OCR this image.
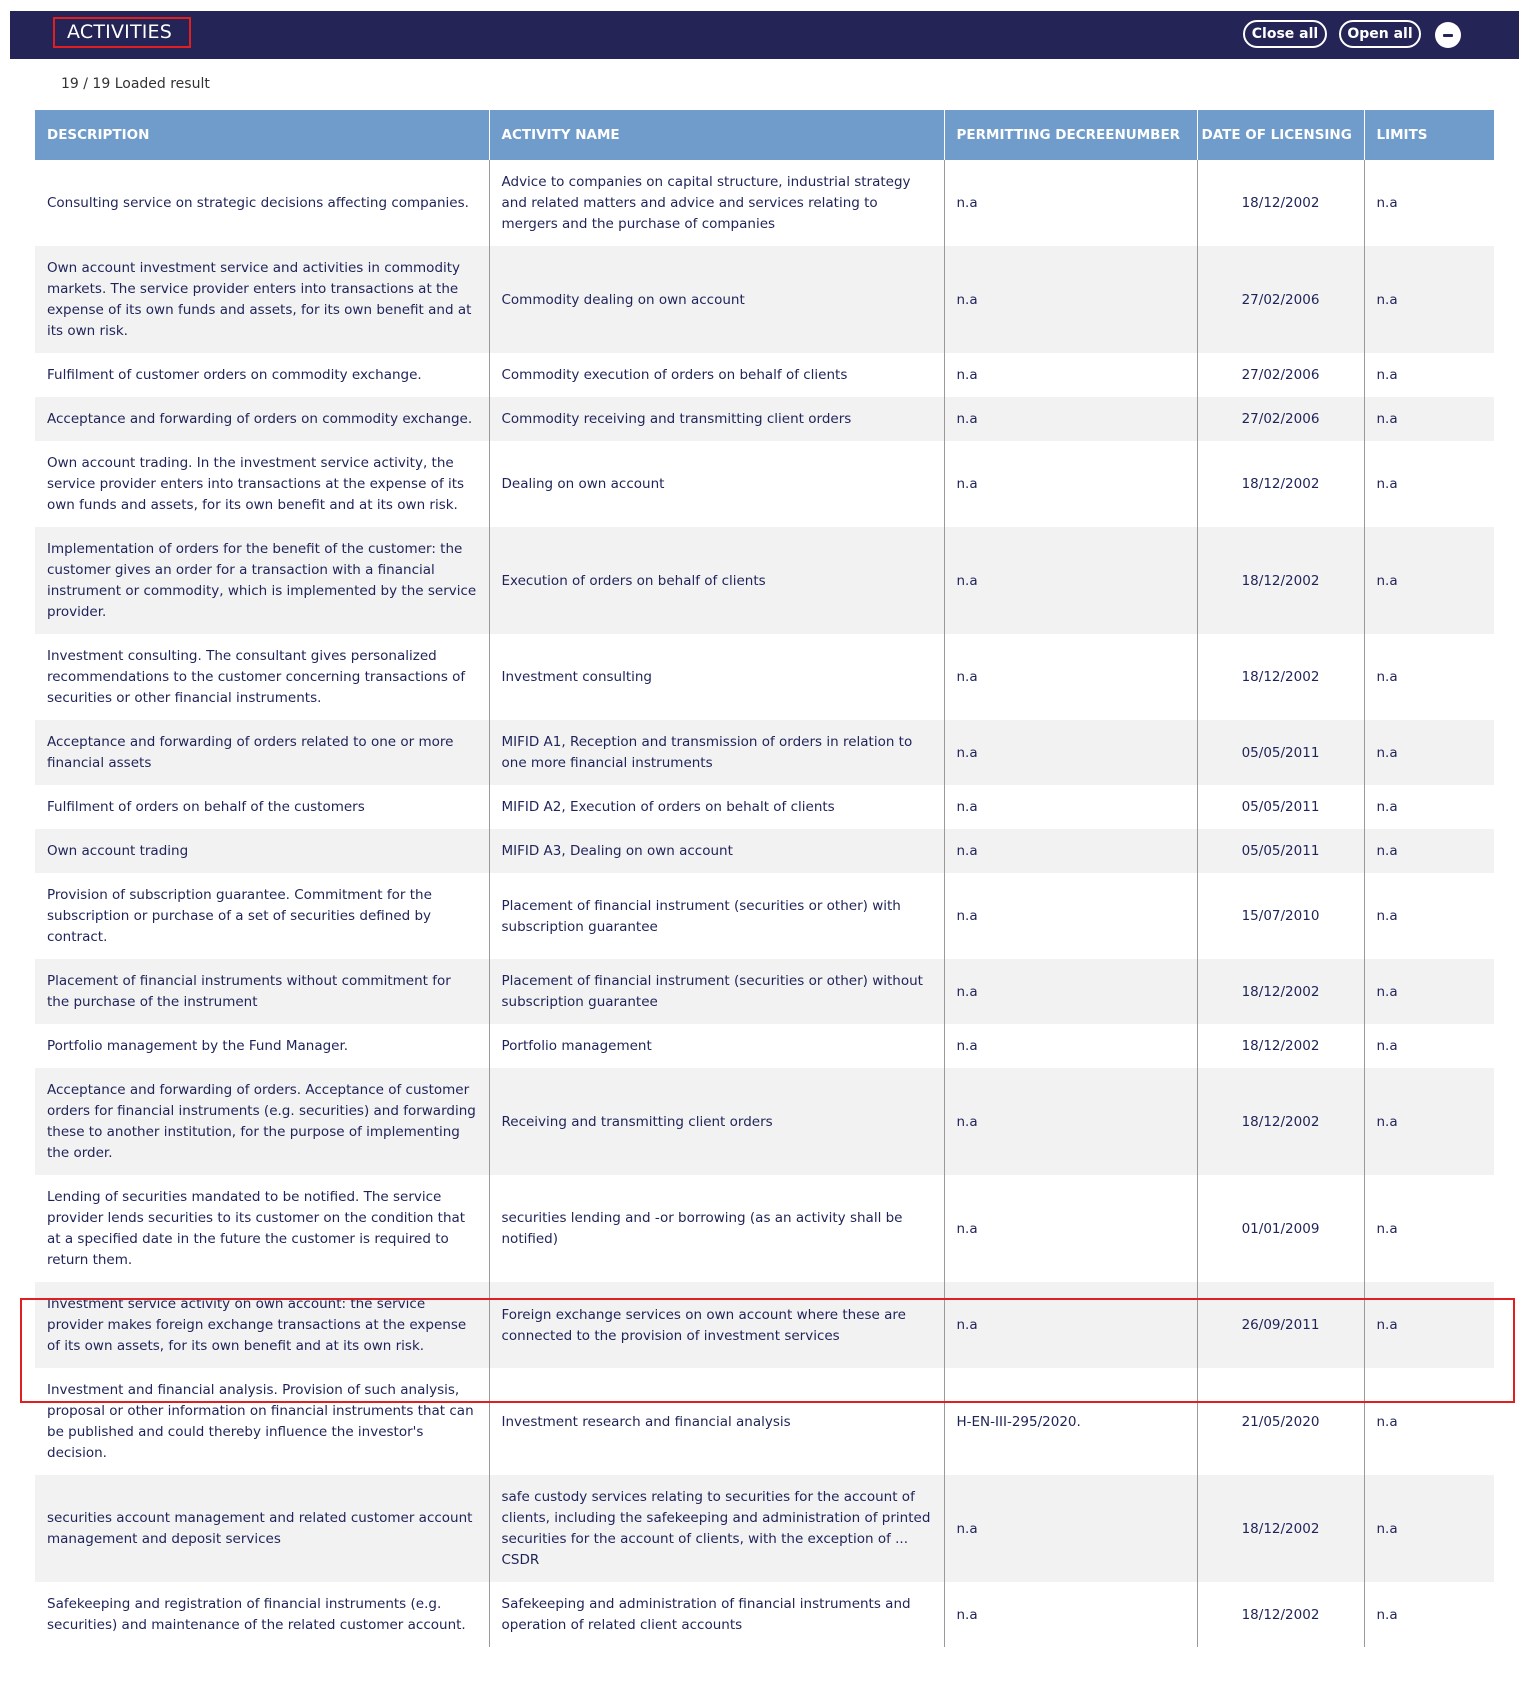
ACTIVITIES	Close all	Open all
19 / 19 Loaded result
DESCRIPTION	ACTIVITY NAME	PERMITTING DECREENUMBER	DATE OF LICENSING	LIMITS
Consulting service on strategic decisions affecting companies.	Advice to companies on capital structure, industrial strategy and related matters and advice and services relating to mergers and the purchase of companies	n.a	18/12/2002	n.a
Own account investment service and activities in commodity markets. The service provider enters into transactions at the expense of its own funds and assets, for its own benefit and at its own risk.	Commodity dealing on own account	n.a	27/02/2006	n.a
Fulfilment of customer orders on commodity exchange.	Commodity execution of orders on behalf of clients	n.a	27/02/2006	n.a
Acceptance and forwarding of orders on commodity exchange.	Commodity receiving and transmitting client orders	n.a	27/02/2006	n.a
Own account trading. In the investment service activity, the service provider enters into transactions at the expense of its own funds and assets, for its own benefit and at its own risk.	Dealing on own account	n.a	18/12/2002	n.a
Implementation of orders for the benefit of the customer: the customer gives an order for a transaction with a financial instrument or commodity, which is implemented by the service provider.	Execution of orders on behalf of clients	n.a	18/12/2002	n.a
Investment consulting. The consultant gives personalized recommendations to the customer concerning transactions of securities or other financial instruments.	Investment consulting	n.a	18/12/2002	n.a
Acceptance and forwarding of orders related to one or more financial assets	MIFID A1, Reception and transmission of orders in relation to one more financial instruments	n.a	05/05/2011	n.a
Fulfilment of orders on behalf of the customers	MIFID A2, Execution of orders on behalt of clients	n.a	05/05/2011	n.a
Own account trading	MIFID A3, Dealing on own account	n.a	05/05/2011	n.a
Provision of subscription guarantee. Commitment for the subscription or purchase of a set of securities defined by contract.	Placement of financial instrument (securities or other) with subscription guarantee	n.a	15/07/2010	n.a
Placement of financial instruments without commitment for the purchase of the instrument	Placement of financial instrument (securities or other) without subscription guarantee	n.a	18/12/2002	n.a
Portfolio management by the Fund Manager.	Portfolio management	n.a	18/12/2002	n.a
Acceptance and forwarding of orders. Acceptance of customer orders for financial instruments (e.g. securities) and forwarding these to another institution, for the purpose of implementing the order.	Receiving and transmitting client orders	n.a	18/12/2002	n.a
Lending of securities mandated to be notified. The service provider lends securities to its customer on the condition that at a specified date in the future the customer is required to return them.	securities lending and -or borrowing (as an activity shall be notified)	n.a	01/01/2009	n.a
Investment service activity on own account: the service provider makes foreign exchange transactions at the expense of its own assets, for its own benefit and at its own risk.	Foreign exchange services on own account where these are connected to the provision of investment services	n.a	26/09/2011	n.a
Investment and financial analysis. Provision of such analysis, proposal or other information on financial instruments that can be published and could thereby influence the investor's decision.	Investment research and financial analysis	H-EN-III-295/2020.	21/05/2020	n.a
securities account management and related customer account management and deposit services	safe custody services relating to securities for the account of clients, including the safekeeping and administration of printed securities for the account of clients, with the exception of ... CSDR	n.a	18/12/2002	n.a
Safekeeping and registration of financial instruments (e.g. securities) and maintenance of the related customer account.	Safekeeping and administration of financial instruments and operation of related client accounts	n.a	18/12/2002	n.a
